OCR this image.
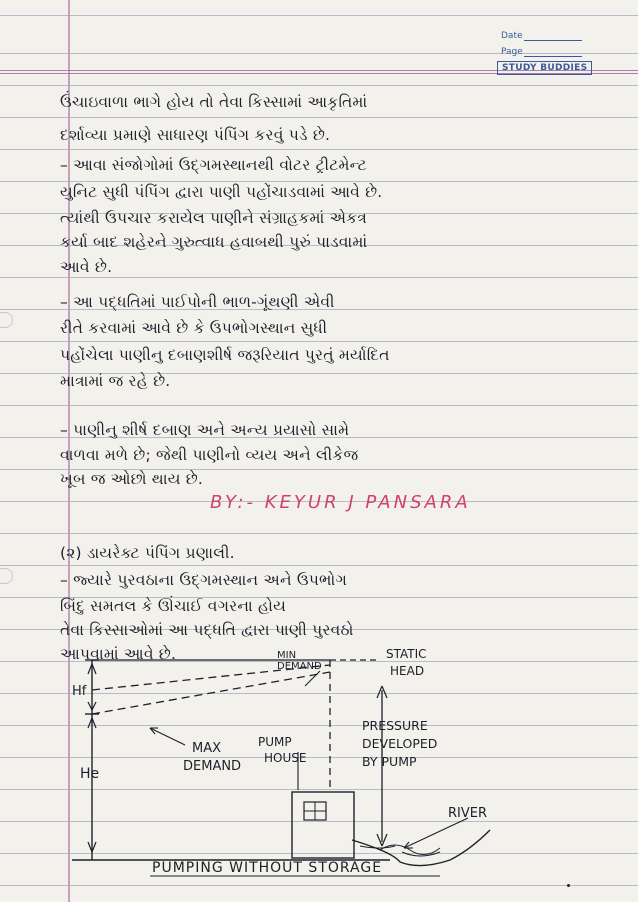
Date
Page
STUDY BUDDIES
ઉંચાઇવાળા ભાગે હોય તો તેવા કિસ્સામાં આકૃતિમાં
દર્શાવ્યા પ્રમાણે સાધારણ પંપિંગ કરવું પડે છે.
– આવા સંજોગોમાં ઉદ્‌ગમસ્થાનથી વોટર ટ્રીટમેન્ટ
યુનિટ સુધી પંપિંગ દ્વારા પાણી પહોંચાડવામાં આવે છે.
ત્યાંથી ઉપચાર કરાયેલ પાણીને સંગ્રાહકમાં એકત્ર
કર્યા બાદ શહેરને ગુરુત્વાધ હવાબથી પુરું પાડવામાં
આવે છે.
– આ પદ્ધતિમાં પાઈપોની ભાળ-ગૂંથણી એવી
રીતે કરવામાં આવે છે કે ઉપભોગસ્થાન સુધી
પહોંચેલા પાણીનુ દબાણશીર્ષ જરૂરિયાત પુરતું મર્યાદિત
માત્રામાં જ રહે છે.
– પાણીનુ શીર્ષ દબાણ અને અન્ય પ્રયાસો સામે
વાળવા મળે છે; જેથી પાણીનો વ્યય અને લીકેજ
ખૂબ જ ઓછો થાય છે.
BY:- KEYUR J PANSARA
(૨) ડાયરેક્ટ પંપિંગ પ્રણાલી.
– જ્યારે પુરવઠાના ઉદ્‌ગમસ્થાન અને ઉપભોગ
બિંદુ સમતલ કે ઊંચાઈ વગરના હોય
તેવા કિસ્સાઓમાં આ પદ્ધતિ દ્વારા પાણી પુરવઠો
આપવામાં આવે છે.	MIN
DEMAND
STATIC
HEAD
Hf
He
MAX
DEMAND
PUMP
HOUSE
PRESSURE
DEVELOPED
BY PUMP
RIVER
PUMPING WITHOUT STORAGE
